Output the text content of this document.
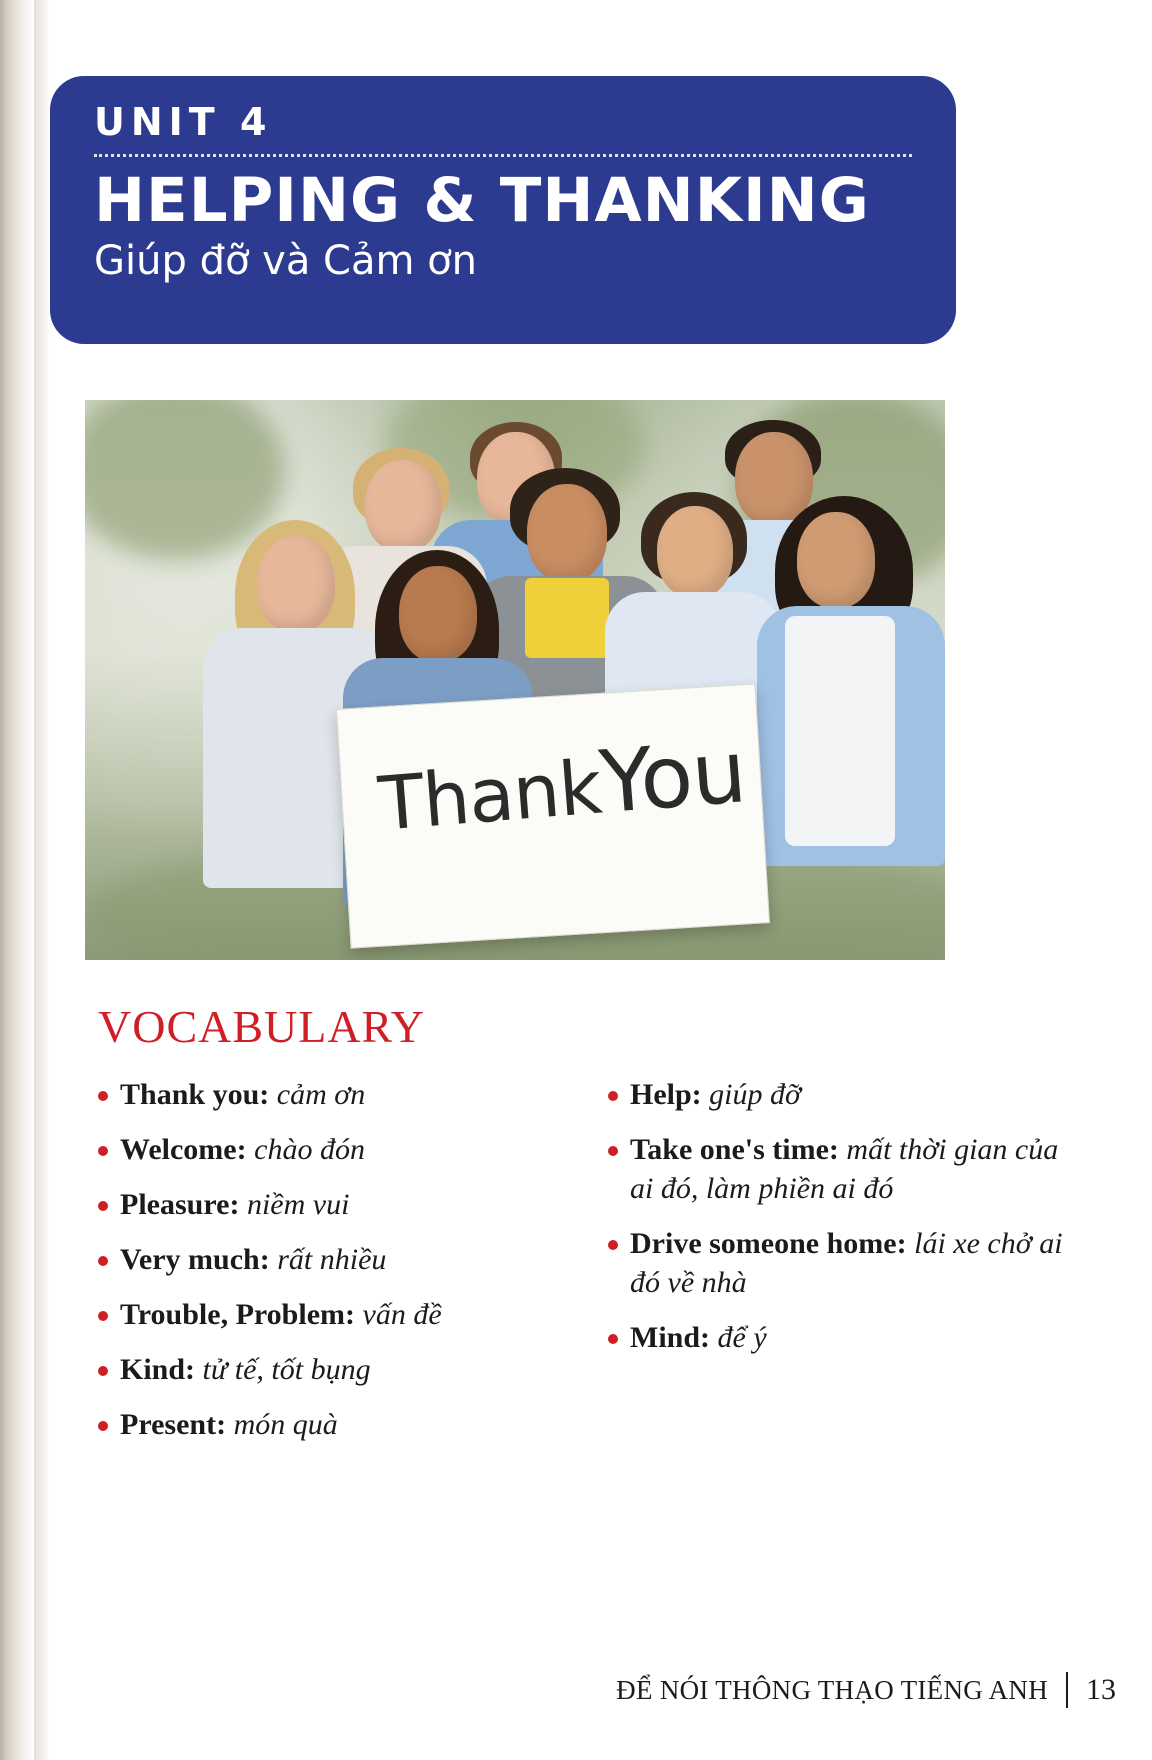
UNIT 4
HELPING & THANKING
Giúp đỡ và Cảm ơn
ThankYou
VOCABULARY
Thank you: cảm ơn
Welcome: chào đón
Pleasure: niềm vui
Very much: rất nhiều
Trouble, Problem: vấn đề
Kind: tử tế, tốt bụng
Present: món quà
Help: giúp đỡ
Take one's time: mất thời gian của ai đó, làm phiền ai đó
Drive someone home: lái xe chở ai đó về nhà
Mind: để ý
ĐỂ NÓI THÔNG THẠO TIẾNG ANH 13
